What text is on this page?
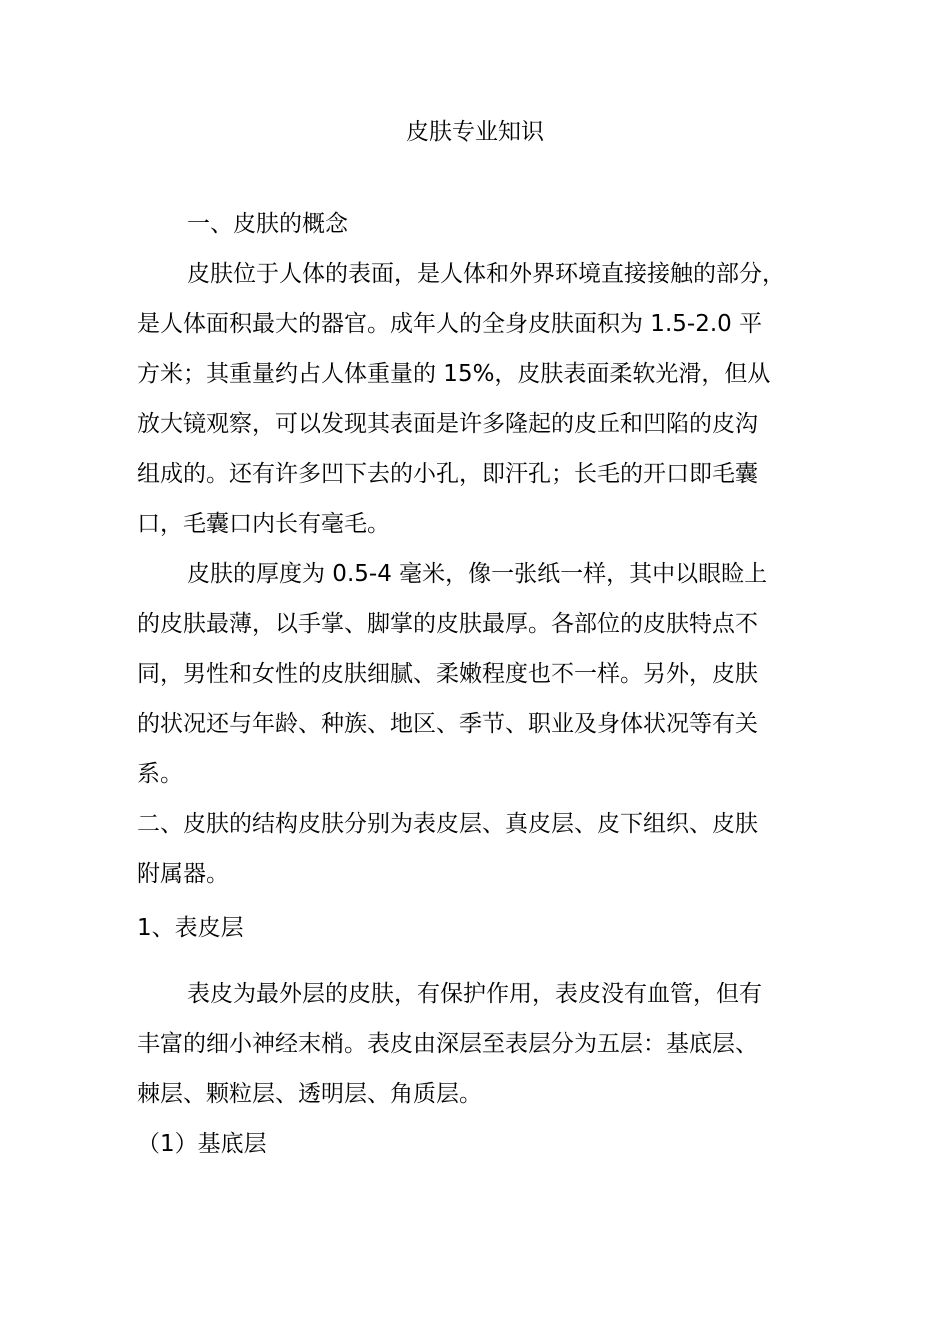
皮肤专业知识
一、皮肤的概念
皮肤位于人体的表面，是人体和外界环境直接接触的部分，
是人体面积最大的器官。成年人的全身皮肤面积为 1.5-2.0 平
方米；其重量约占人体重量的 15%，皮肤表面柔软光滑，但从
放大镜观察，可以发现其表面是许多隆起的皮丘和凹陷的皮沟
组成的。还有许多凹下去的小孔，即汗孔；长毛的开口即毛囊
口，毛囊口内长有毫毛。
皮肤的厚度为 0.5-4 毫米，像一张纸一样，其中以眼睑上
的皮肤最薄，以手掌、脚掌的皮肤最厚。各部位的皮肤特点不
同，男性和女性的皮肤细腻、柔嫩程度也不一样。另外，皮肤
的状况还与年龄、种族、地区、季节、职业及身体状况等有关
系。
二、皮肤的结构皮肤分别为表皮层、真皮层、皮下组织、皮肤
附属器。
1、表皮层
表皮为最外层的皮肤，有保护作用，表皮没有血管，但有
丰富的细小神经末梢。表皮由深层至表层分为五层：基底层、
棘层、颗粒层、透明层、角质层。
（1）基底层
